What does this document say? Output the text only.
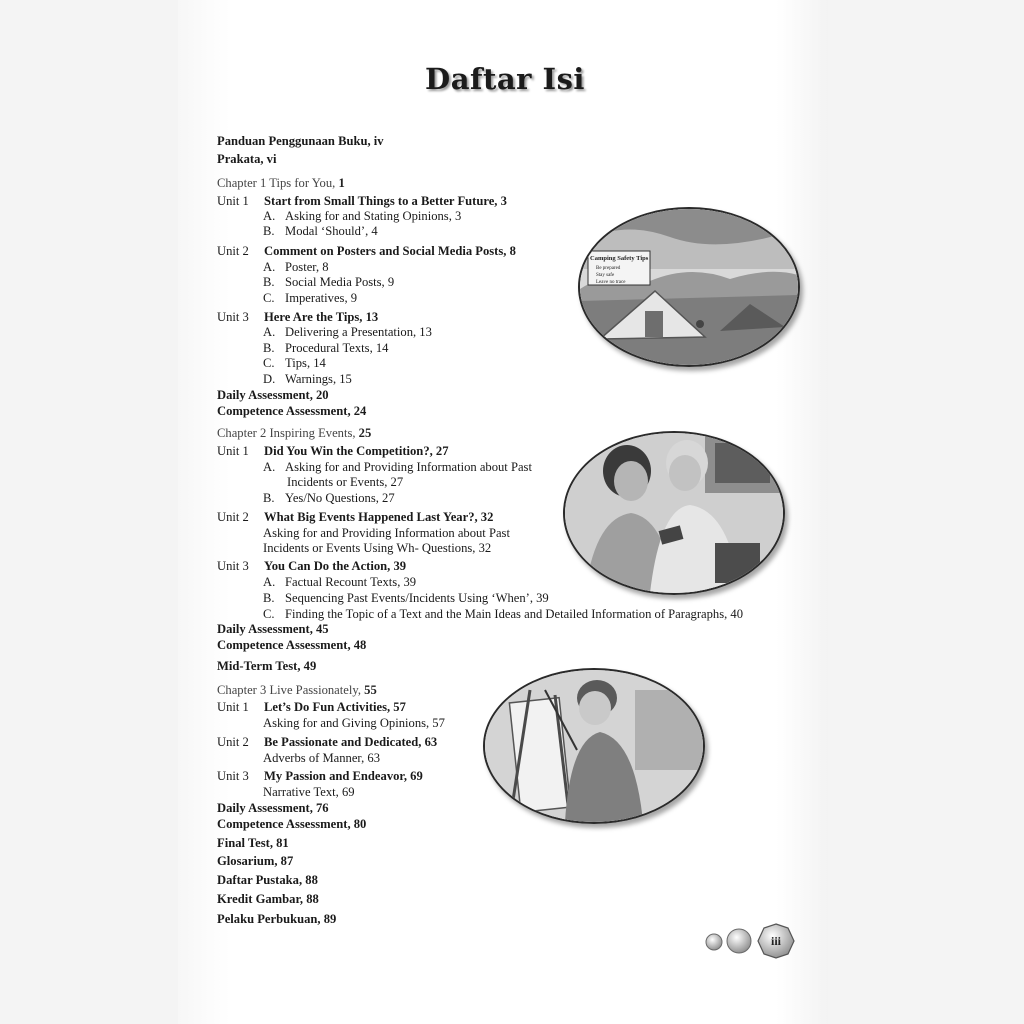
Daftar Isi
Panduan Penggunaan Buku, iv
Prakata, vi
Chapter 1 Tips for You, 1
Unit 1 Start from Small Things to a Better Future, 3
A. Asking for and Stating Opinions, 3
B. Modal ‘Should’, 4
Unit 2 Comment on Posters and Social Media Posts, 8
A. Poster, 8
B. Social Media Posts, 9
C. Imperatives, 9
Unit 3 Here Are the Tips, 13
A. Delivering a Presentation, 13
B. Procedural Texts, 14
C. Tips, 14
D. Warnings, 15
Daily Assessment, 20
Competence Assessment, 24
Chapter 2 Inspiring Events, 25
Unit 1 Did You Win the Competition?, 27
A. Asking for and Providing Information about Past
Incidents or Events, 27
B. Yes/No Questions, 27
Unit 2 What Big Events Happened Last Year?, 32
Asking for and Providing Information about Past
Incidents or Events Using Wh- Questions, 32
Unit 3 You Can Do the Action, 39
A. Factual Recount Texts, 39
B. Sequencing Past Events/Incidents Using ‘When’, 39
C. Finding the Topic of a Text and the Main Ideas and Detailed Information of Paragraphs, 40
Daily Assessment, 45
Competence Assessment, 48
Mid-Term Test, 49
Chapter 3 Live Passionately, 55
Unit 1 Let’s Do Fun Activities, 57
Asking for and Giving Opinions, 57
Unit 2 Be Passionate and Dedicated, 63
Adverbs of Manner, 63
Unit 3 My Passion and Endeavor, 69
Narrative Text, 69
Daily Assessment, 76
Competence Assessment, 80
Final Test, 81
Glosarium, 87
Daftar Pustaka, 88
Kredit Gambar, 88
Pelaku Perbukuan, 89
Camping Safety Tips
Be prepared
Stay safe
Leave no trace
iii
